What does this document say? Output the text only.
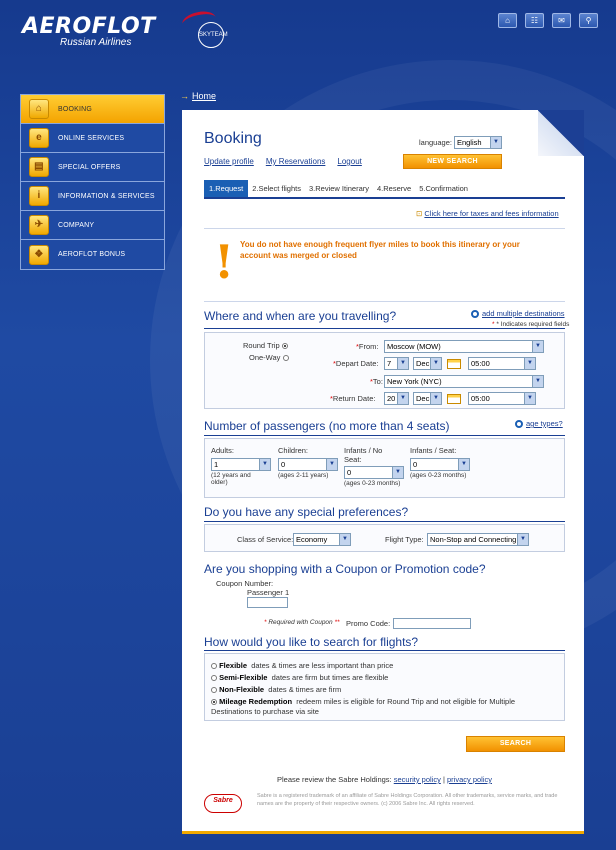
AEROFLOT
Russian Airlines
SKYTEAM
⌂	☷	✉	⚲
⌂	BOOKING
e	ONLINE SERVICES
▤	SPECIAL OFFERS
i	INFORMATION & SERVICES
✈	COMPANY
❖	AEROFLOT BONUS
→ Home
Booking	language: English	▼
Update profile My Reservations Logout	NEW SEARCH
1.Request	2.Select flights	3.Review Itinerary	4.Reserve	5.Confirmation
⊡ Click here for taxes and fees information
! You do not have enough frequent flyer miles to book this itinerary or your account was merged or closed
Where and when are you travelling?	add multiple destinations
* * Indicates required fields
Round Trip
One-Way
*From: Moscow (MOW)	▼
*Depart Date: 7	▼ Dec ▼	05:00	▼
*To: New York (NYC)	▼
*Return Date: 20 ▼ Dec ▼	05:00	▼
Number of passengers (no more than 4 seats)	age types?
Adults:
1	▼
(12 years and older)
Children:
0	▼
(ages 2-11 years)
Infants / No Seat:
0	▼
(ages 0-23 months)
Infants / Seat:
0	▼
(ages 0-23 months)
Do you have any special preferences?
Class of Service: Economy	▼	Flight Type: Non-Stop and Connecting ▼
Are you shopping with a Coupon or Promotion code?
Coupon Number:
Passenger 1
* Required with Coupon ** Promo Code:
How would you like to search for flights?
Flexible dates & times are less important than price
Semi-Flexible dates are firm but times are flexible
Non-Flexible dates & times are firm
Mileage Redemption redeem miles is eligible for Round Trip and not eligible for Multiple Destinations to purchase via site
SEARCH
Please review the Sabre Holdings: security policy | privacy policy
Sabre
Sabre is a registered trademark of an affiliate of Sabre Holdings Corporation. All other trademarks, service marks, and trade names are the property of their respective owners. (c) 2006 Sabre Inc. All rights reserved.
